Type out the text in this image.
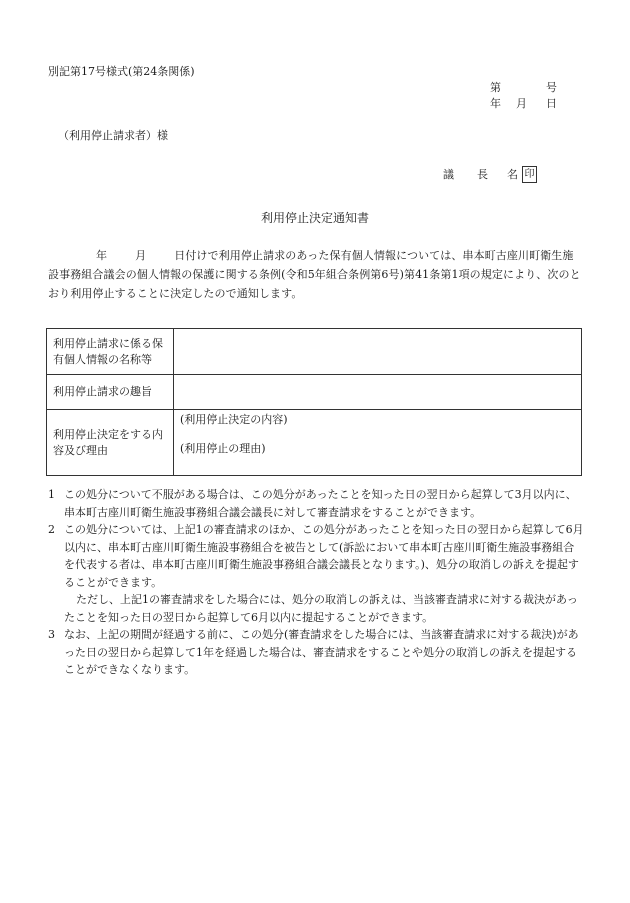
別記第17号様式(第24条関係)
第	号
年 月 日
（利用停止請求者）様
議 長 名 印
利用停止決定通知書
年	月	日付けで利用停止請求のあった保有個人情報については、串本町古座川町衛生施設事務組合議会の個人情報の保護に関する条例(令和5年組合条例第6号)第41条第1項の規定により、次のとおり利用停止することに決定したので通知します。
利用停止請求に係る保有個人情報の名称等	
利用停止請求の趣旨	
利用停止決定をする内容及び理由	(利用停止決定の内容)
(利用停止の理由)
1 この処分について不服がある場合は、この処分があったことを知った日の翌日から起算して3月以内に、串本町古座川町衛生施設事務組合議会議長に対して審査請求をすることができます。

2 この処分については、上記1の審査請求のほか、この処分があったことを知った日の翌日から起算して6月以内に、串本町古座川町衛生施設事務組合を被告として(訴訟において串本町古座川町衛生施設事務組合を代表する者は、串本町古座川町衛生施設事務組合議会議長となります。)、処分の取消しの訴えを提起することができます。

ただし、上記1の審査請求をした場合には、処分の取消しの訴えは、当該審査請求に対する裁決があったことを知った日の翌日から起算して6月以内に提起することができます。

3 なお、上記の期間が経過する前に、この処分(審査請求をした場合には、当該審査請求に対する裁決)があった日の翌日から起算して1年を経過した場合は、審査請求をすることや処分の取消しの訴えを提起することができなくなります。
